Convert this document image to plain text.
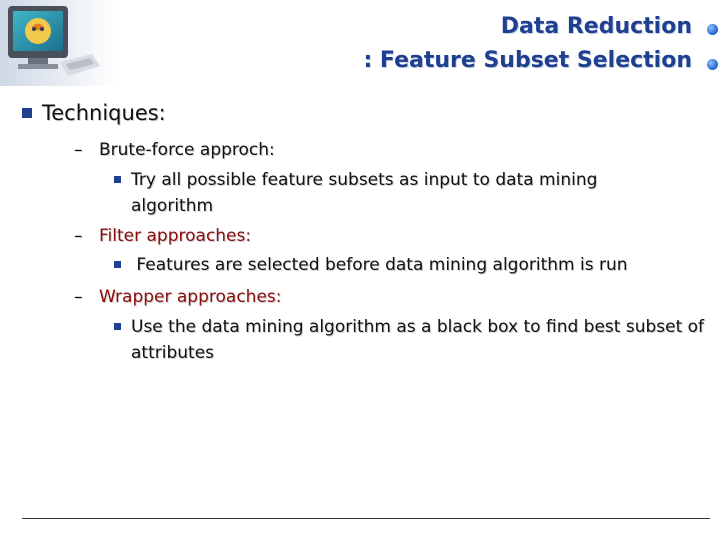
Data Reduction
: Feature Subset Selection
Techniques:
– Brute-force approch:
Try all possible feature subsets as input to data mining algorithm
– Filter approaches:
Features are selected before data mining algorithm is run
– Wrapper approaches:
Use the data mining algorithm as a black box to find best subset of attributes
